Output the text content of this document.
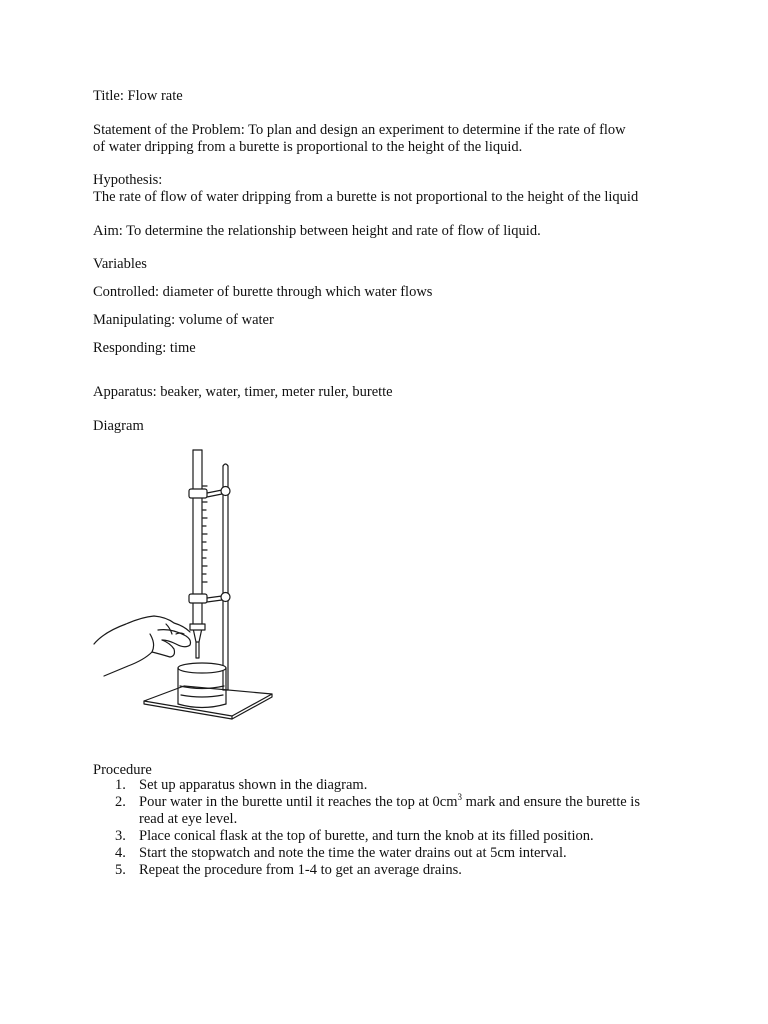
Title: Flow rate
Statement of the Problem: To plan and design an experiment to determine if the rate of flow
of water dripping from a burette is proportional to the height of the liquid.
Hypothesis:
The rate of flow of water dripping from a burette is not proportional to the height of the liquid
Aim: To determine the relationship between height and rate of flow of liquid.
Variables
Controlled: diameter of burette through which water flows
Manipulating: volume of water
Responding: time
Apparatus: beaker, water, timer, meter ruler, burette
Diagram
Procedure
1. Set up apparatus shown in the diagram.
2. Pour water in the burette until it reaches the top at $0cm^3$ mark and ensure the burette is
read at eye level.
3. Place conical flask at the top of burette, and turn the knob at its filled position.
4. Start the stopwatch and note the time the water drains out at 5cm interval.
5. Repeat the procedure from 1-4 to get an average drains.
